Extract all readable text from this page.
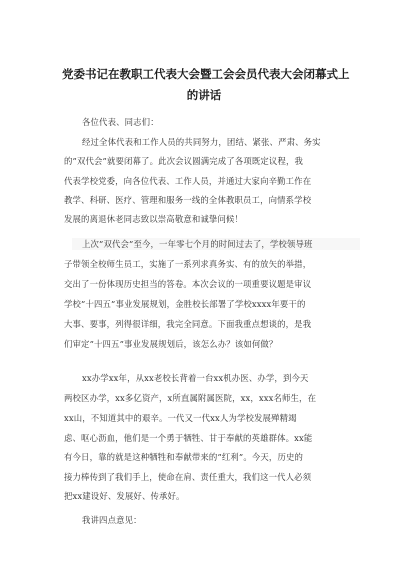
党委书记在教职工代表大会暨工会会员代表大会闭幕式上
的讲话
各位代表、同志们：
经过全体代表和工作人员的共同努力，团结、紧张、严肃、务实
的”双代会”就要闭幕了。此次会议圆满完成了各项既定议程，我
代表学校党委，向各位代表、工作人员，并通过大家向辛勤工作在
教学、科研、医疗、管理和服务一线的全体教职员工，向情系学校
发展的离退休老同志致以崇高敬意和诚挚问候！
上次”双代会”至今，一年零七个月的时间过去了，学校领导班
子带领全校师生员工，实施了一系列求真务实、有的放矢的举措，
交出了一份体现历史担当的答卷。本次会议的一项重要议题是审议
学校”十四五”事业发展规划，金胜校长部署了学校xxxx年要干的
大事、要事，列得很详细，我完全同意。下面我重点想谈的，是我
们审定”十四五”事业发展规划后，该怎么办？该如何做？
xx办学xx年，从xx老校长背着一台xx机办医、办学，到今天
两校区办学，xx多亿资产，x所直属附属医院，xx，xxx名师生，在
xx山，不知道其中的艰辛。一代又一代xx人为学校发展殚精竭
虑、呕心沥血，他们是一个勇于牺牲、甘于奉献的英雄群体。xx能
有今日，靠的就是这种牺牲和奉献带来的”红利”。今天，历史的
接力棒传到了我们手上，使命在肩、责任重大，我们这一代人必须
把xx建设好、发展好、传承好。
我讲四点意见：
